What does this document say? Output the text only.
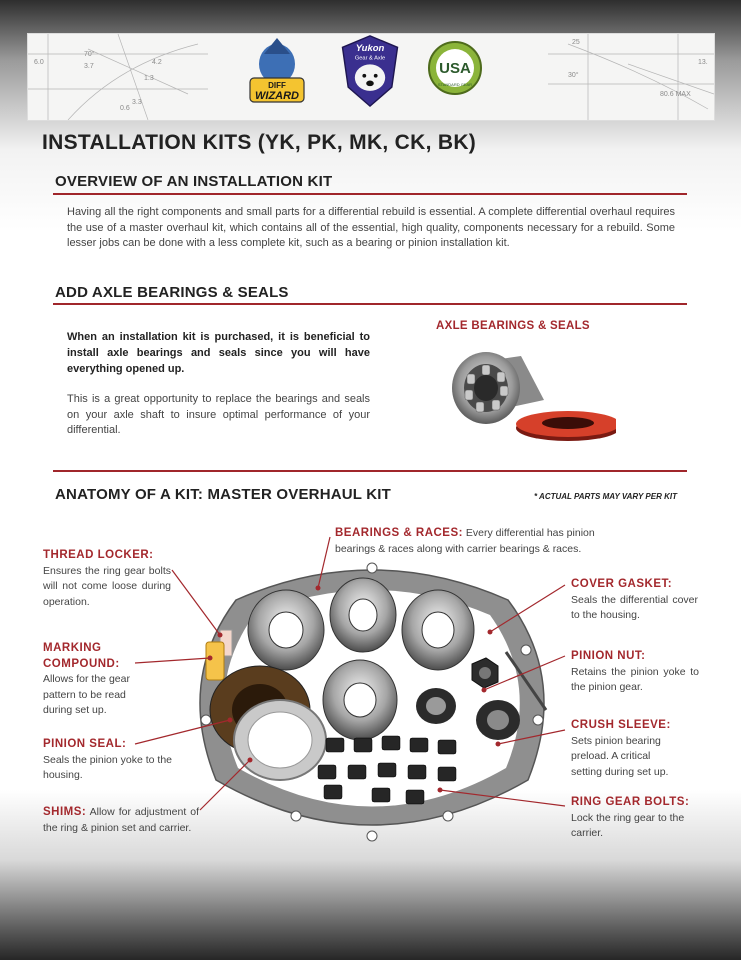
6.0
70°
3.7
4.2
1.3
0.6
3.3
30°
13.
80.6 MAX
25
DIFF
WIZARD
Yukon
Gear & Axle
USA
STANDARD GEAR
INSTALLATION KITS (YK, PK, MK, CK, BK)
OVERVIEW OF AN INSTALLATION KIT

Having all the right components and small parts for a differential rebuild is essential. A complete differential overhaul requires the use of a master overhaul kit, which contains all of the essential, high quality, components necessary for a rebuild. Some lesser jobs can be done with a less complete kit, such as a bearing or pinion installation kit.

ADD AXLE BEARINGS & SEALS

When an installation kit is purchased, it is beneficial to install axle bearings and seals since you will have everything opened up.

This is a great opportunity to replace the bearings and seals on your axle shaft to insure optimal performance of your differential.

AXLE BEARINGS & SEALS
ANATOMY OF A KIT: MASTER OVERHAUL KIT	* ACTUAL PARTS MAY VARY PER KIT
BEARINGS & RACES: Every differential has pinion bearings & races along with carrier bearings & races.
THREAD LOCKER:
Ensures the ring gear bolts will not come loose during operation.
MARKING COMPOUND:
Allows for the gear pattern to be read during set up.
PINION SEAL:
Seals the pinion yoke to the housing.
SHIMS: Allow for adjustment of the ring & pinion set and carrier.
COVER GASKET:
Seals the differential cover to the housing.
PINION NUT:
Retains the pinion yoke to the pinion gear.
CRUSH SLEEVE:
Sets pinion bearing preload. A critical setting during set up.
RING GEAR BOLTS:
Lock the ring gear to the carrier.
